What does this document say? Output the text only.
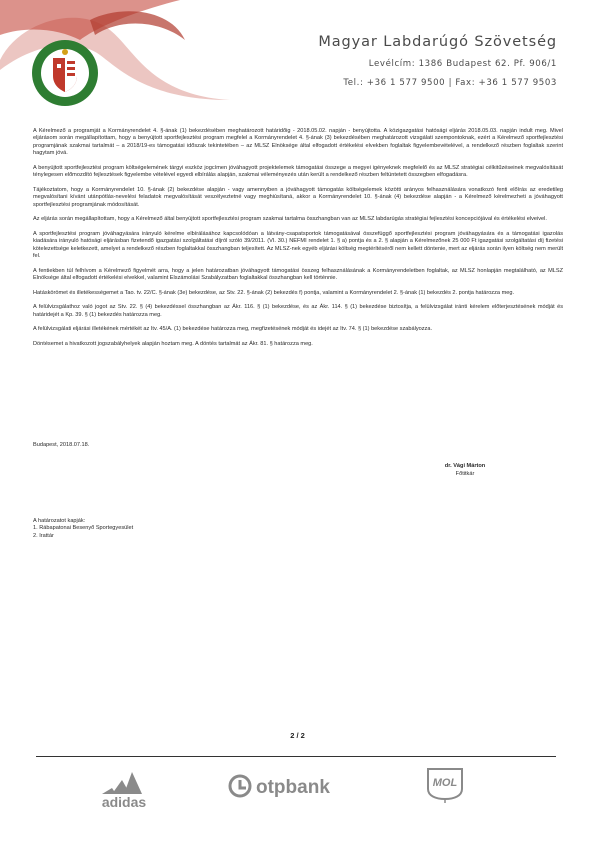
Magyar Labdarúgó Szövetség
Levélcím: 1386 Budapest 62. Pf. 906/1
Tel.: +36 1 577 9500 | Fax: +36 1 577 9503

A Kérelmező a programját a Kormányrendelet 4. §-ának (1) bekezdésében meghatározott határidőig - 2018.05.02. napján - benyújtotta. A közigazgatási hatósági eljárás 2018.05.03. napján indult meg. Mivel eljárásom során megállapítottam, hogy a benyújtott sportfejlesztési program megfelel a Kormányrendelet 4. §-ának (3) bekezdésében meghatározott vizsgálati szempontoknak, ezért a Kérelmező sportfejlesztési programjának szakmai tartalmát – a 2018/19-es támogatási időszak tekintetében – az MLSZ Elnöksége által elfogadott értékelési elvekben foglaltak figyelembevételével, a rendelkező részben foglaltak szerint hagytam jóvá.

A benyújtott sportfejlesztési program költségelemének tárgyi eszköz jogcímen jóváhagyott projektelemek támogatási összege a megyei igényeknek megfelelő és az MLSZ stratégiai célkitűzéseinek megvalósítását ténylegesen előmozdító fejlesztések figyelembe vételével egyedi elbírálás alapján, szakmai véleményezés után került a rendelkező részben feltüntetett összegben elfogadásra.

Tájékoztatom, hogy a Kormányrendelet 10. §-ának (2) bekezdése alapján - vagy amennyiben a jóváhagyott támogatás költségelemek közötti arányos felhasználására vonatkozó fenti előírás az eredetileg megvalósítani kívánt utánpótlás-nevelési feladatok megvalósítását veszélyeztetné vagy meghiúsítaná, akkor a Kormányrendelet 10. §-ának (4) bekezdése alapján - a Kérelmező kérelmezheti a jóváhagyott sportfejlesztési programjának módosítását.

Az eljárás során megállapítottam, hogy a Kérelmező által benyújtott sportfejlesztési program szakmai tartalma összhangban van az MLSZ labdarúgás stratégiai fejlesztési koncepciójával és értékelési elveivel.

A sportfejlesztési program jóváhagyására irányuló kérelme elbírálásához kapcsolódóan a látvány-csapatsportok támogatásával összefüggő sportfejlesztési program jóváhagyására és a támogatási igazolás kiadására irányuló hatósági eljárásban fizetendő igazgatási szolgáltatási díjról szóló 39/2011. (VI. 30.) NEFMI rendelet 1. § a) pontja és a 2. § alapján a Kérelmezőnek 25 000 Ft igazgatási szolgáltatási díj fizetési kötelezettsége keletkezett, amelyet a rendelkező részben foglaltakkal összhangban teljesített. Az MLSZ-nek egyéb eljárási költség megtérítéséről nem kellett döntenie, mert az eljárás során ilyen költség nem merült fel.

A fentiekben túl felhívom a Kérelmező figyelmét arra, hogy a jelen határozatban jóváhagyott támogatási összeg felhasználásának a Kormányrendeletben foglaltak, az MLSZ honlapján megtalálható, az MLSZ Elnöksége által elfogadott értékelési elvekkel, valamint Elszámolási Szabályzatban foglaltakkal összhangban kell történnie.

Hatáskörömet és illetékességemet a Tao. tv. 22/C. §-ának (3e) bekezdése, az Stv. 22. §-ának (2) bekezdés f) pontja, valamint a Kormányrendelet 2. §-ának (1) bekezdés 2. pontja határozza meg.

A felülvizsgálathoz való jogot az Stv. 22. § (4) bekezdéssel összhangban az Ákr. 116. § (1) bekezdése, és az Ákr. 114. § (1) bekezdése biztosítja, a felülvizsgálat iránti kérelem előterjesztésének módját és határidejét a Kp. 39. § (1) bekezdés határozza meg.

A felülvizsgálati eljárási illetékének mértékét az Itv. 45/A. (1) bekezdése határozza meg, megfizetésének módját és idejét az Itv. 74. § (1) bekezdése szabályozza.

Döntésemet a hivatkozott jogszabályhelyek alapján hoztam meg. A döntés tartalmát az Ákr. 81. § határozza meg.

Budapest, 2018.07.18.
dr. Vági Márton
Főtitkár
A határozatot kapják:
1. Rábapatonai Besenyő Sportegyesület
2. Irattár
2 / 2
adidas
otpbank	MOL
